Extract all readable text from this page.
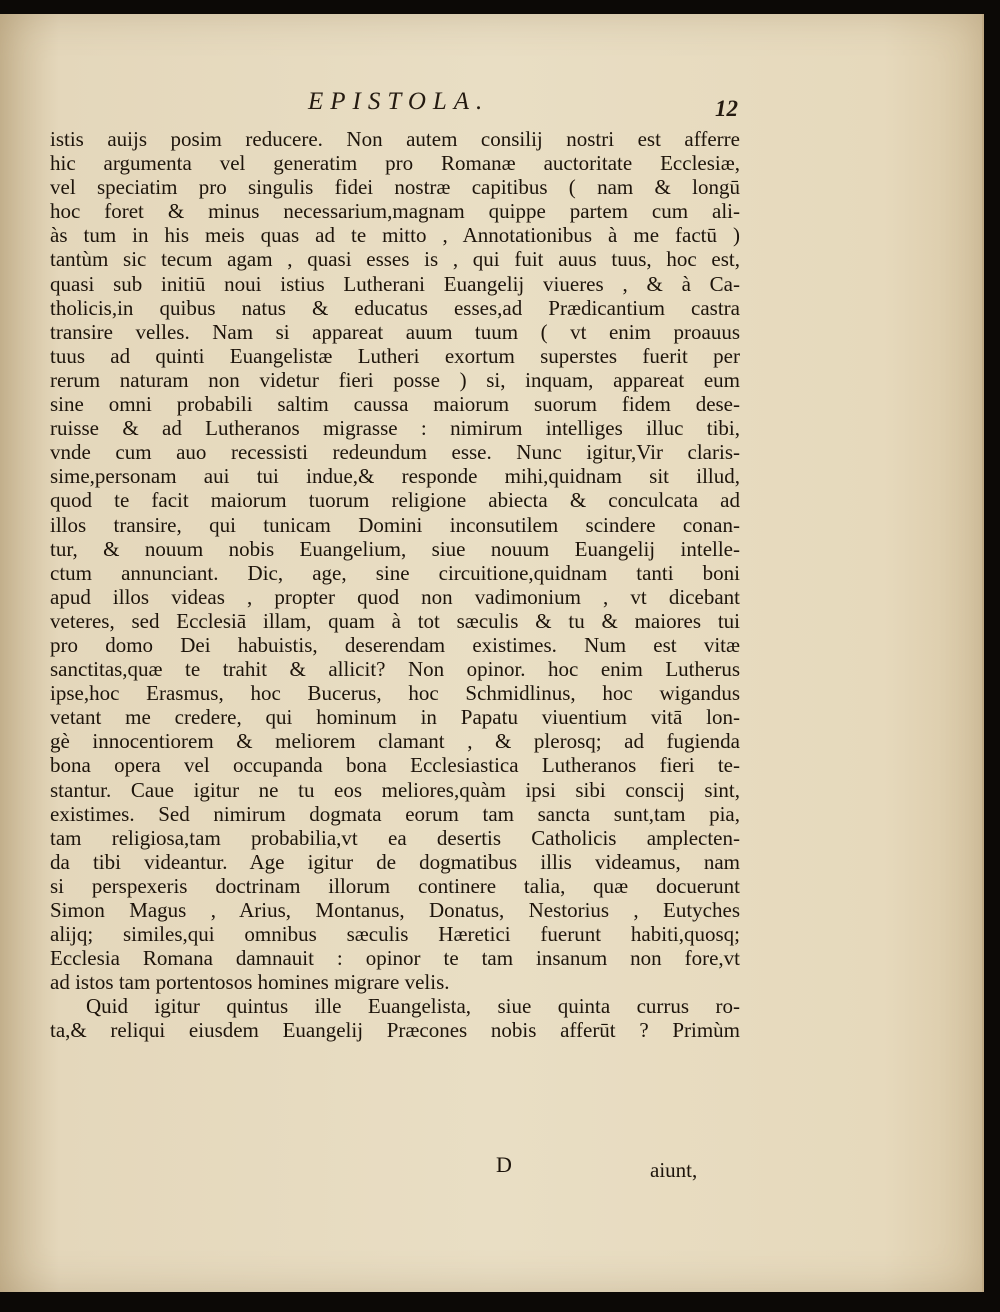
EPISTOLA.	12
istis auijs posim reducere. Non autem consilij nostri est afferre
hic argumenta vel generatim pro Romanæ auctoritate Ecclesiæ,
vel speciatim pro singulis fidei nostræ capitibus ( nam & longū
hoc foret & minus necessarium,magnam quippe partem cum ali-
às tum in his meis quas ad te mitto , Annotationibus à me factū )
tantùm sic tecum agam , quasi esses is , qui fuit auus tuus, hoc est,
quasi sub initiū noui istius Lutherani Euangelij viueres , & à Ca-
tholicis,in quibus natus & educatus esses,ad Prædicantium castra
transire velles. Nam si appareat auum tuum ( vt enim proauus
tuus ad quinti Euangelistæ Lutheri exortum superstes fuerit per
rerum naturam non videtur fieri posse ) si, inquam, appareat eum
sine omni probabili saltim caussa maiorum suorum fidem dese-
ruisse & ad Lutheranos migrasse : nimirum intelliges illuc tibi,
vnde cum auo recessisti redeundum esse. Nunc igitur,Vir claris-
sime,personam aui tui indue,& responde mihi,quidnam sit illud,
quod te facit maiorum tuorum religione abiecta & conculcata ad
illos transire, qui tunicam Domini inconsutilem scindere conan-
tur, & nouum nobis Euangelium, siue nouum Euangelij intelle-
ctum annunciant. Dic, age, sine circuitione,quidnam tanti boni
apud illos videas , propter quod non vadimonium , vt dicebant
veteres, sed Ecclesiā illam, quam à tot sæculis & tu & maiores tui
pro domo Dei habuistis, deserendam existimes. Num est vitæ
sanctitas,quæ te trahit & allicit? Non opinor. hoc enim Lutherus
ipse,hoc Erasmus, hoc Bucerus, hoc Schmidlinus, hoc wigandus
vetant me credere, qui hominum in Papatu viuentium vitā lon-
gè innocentiorem & meliorem clamant , & plerosq; ad fugienda
bona opera vel occupanda bona Ecclesiastica Lutheranos fieri te-
stantur. Caue igitur ne tu eos meliores,quàm ipsi sibi conscij sint,
existimes. Sed nimirum dogmata eorum tam sancta sunt,tam pia,
tam religiosa,tam probabilia,vt ea desertis Catholicis amplecten-
da tibi videantur. Age igitur de dogmatibus illis videamus, nam
si perspexeris doctrinam illorum continere talia, quæ docuerunt
Simon Magus , Arius, Montanus, Donatus, Nestorius , Eutyches
alijq; similes,qui omnibus sæculis Hæretici fuerunt habiti,quosq;
Ecclesia Romana damnauit : opinor te tam insanum non fore,vt
ad istos tam portentosos homines migrare velis.
Quid igitur quintus ille Euangelista, siue quinta currus ro-
ta,& reliqui eiusdem Euangelij Præcones nobis afferūt ? Primùm
D	aiunt,
